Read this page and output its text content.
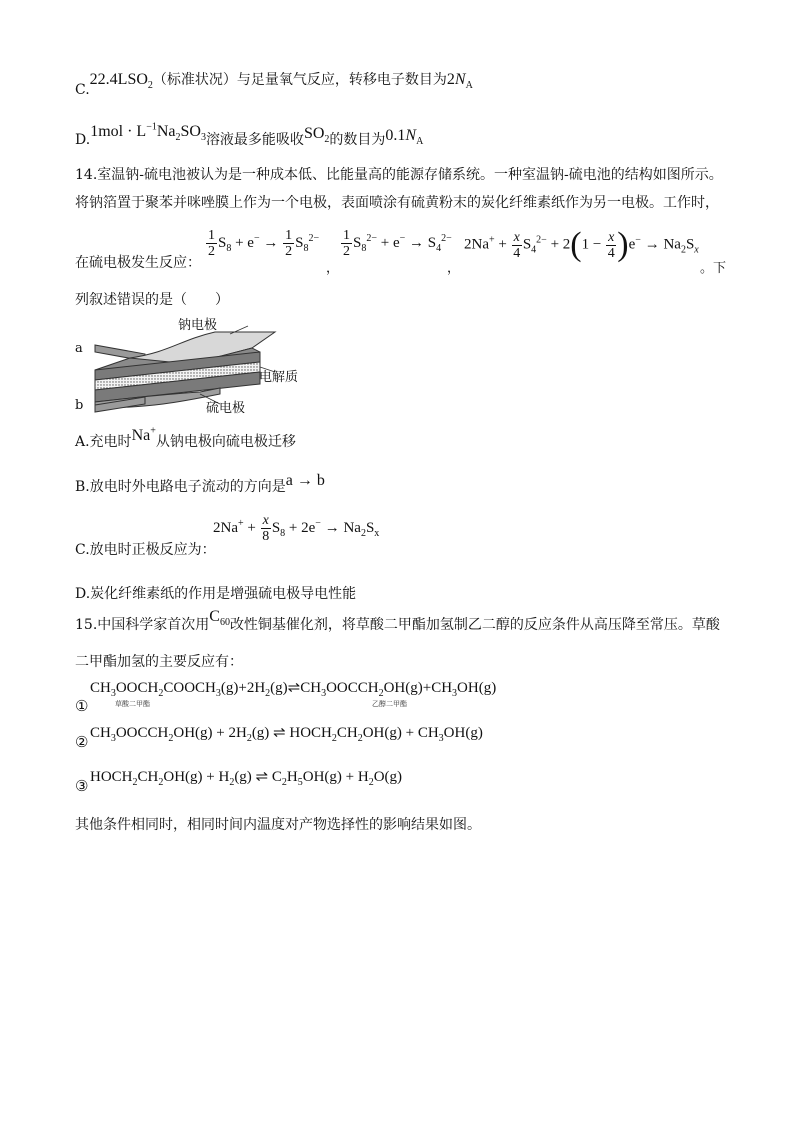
$C.22.4LSO_2$（标准状况）与足量氧气反应，转移电子数目为$2N_A$
$D.1mol \cdot L^{-1}Na_2SO_3$溶液最多能吸收$SO_2$的数目为$0.1N_A$
14.室温钠-硫电池被认为是一种成本低、比能量高的能源存储系统。一种室温钠-硫电池的结构如图所示。
将钠箔置于聚苯并咪唑膜上作为一个电极，表面喷涂有硫黄粉末的炭化纤维素纸作为另一电极。工作时，
在硫电极发生反应：
$\frac{1}{2} S_8 + e^- \to \frac{1}{2} S_8^{2-}$
，
$\frac{1}{2} S_8^{2-} + e^- \to S_4^{2-}$
，
$2Na^+ + \frac{x}{4} S_4^{2-} + 2(1 - \frac{x}{4} )e^- \to Na_2S_x$
。下
列叙述错误的是（　　）
钠电极
电解质
硫电极
a
b
A.充电时Na+从钠电极向硫电极迁移
B.放电时外电路电子流动的方向是a → b
C.放电时正极反应为：
$2Na^+ + \frac{x}{8} S_8 + 2e^- \to Na_2S_x$
D.炭化纤维素纸的作用是增强硫电极导电性能
15.中国科学家首次用$C_{60}$改性铜基催化剂，将草酸二甲酯加氢制乙二醇的反应条件从高压降至常压。草酸
二甲酯加氢的主要反应有：
①
$CH_3OOCH_2COOCH_3(g)+2H_2(g)\rightleftharpoons CH_3OOCCH_2OH(g)+CH_3OH(g)$
草酸二甲酯	乙醇二甲酯
② $CH_3OOCCH_2OH(g) + 2H_2(g)$ ⇌ $HOCH_2CH_2OH(g) + CH_3OH(g)$
③ $HOCH_2CH_2OH(g) + H_2(g)$ ⇌ $C_2H_5OH(g) + H_2O(g)$
其他条件相同时，相同时间内温度对产物选择性的影响结果如图。
